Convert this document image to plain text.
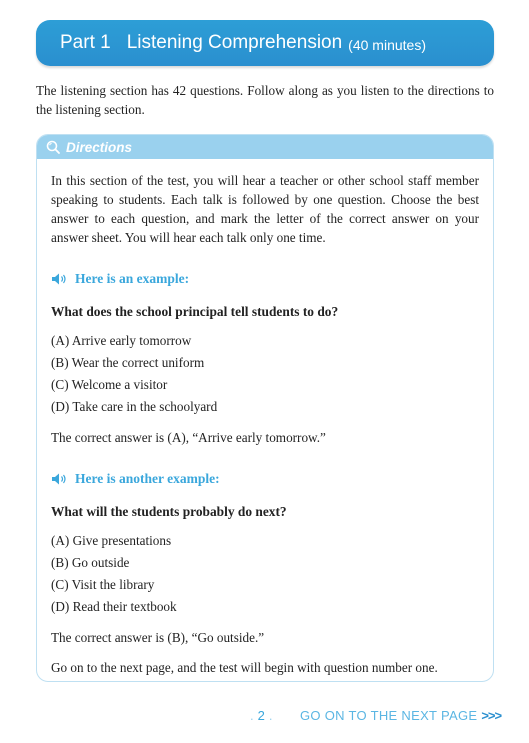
Part 1 Listening Comprehension (40 minutes)

The listening section has 42 questions. Follow along as you listen to the directions to the listening section.

Directions

In this section of the test, you will hear a teacher or other school staff member speaking to students. Each talk is followed by one question. Choose the best answer to each question, and mark the letter of the correct answer on your answer sheet. You will hear each talk only one time.

Here is an example:
What does the school principal tell students to do?
(A) Arrive early tomorrow
(B) Wear the correct uniform
(C) Welcome a visitor
(D) Take care in the schoolyard
The correct answer is (A), “Arrive early tomorrow.”
Here is another example:
What will the students probably do next?
(A) Give presentations
(B) Go outside
(C) Visit the library
(D) Read their textbook
The correct answer is (B), “Go outside.”
Go on to the next page, and the test will begin with question number one.
. 2 .	GO ON TO THE NEXT PAGE >>>
